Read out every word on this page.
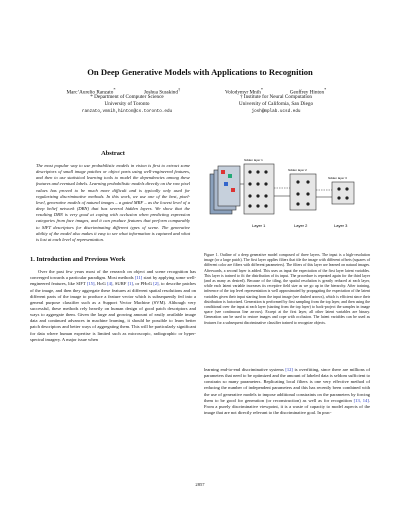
On Deep Generative Models with Applications to Recognition
Marc’Aurelio Ranzato*
Joshua Susskind†
Volodymyr Mnih*
Geoffrey Hinton*
* Department of Computer Science
University of Toronto
ranzato,vmnih,hinton@cs.toronto.edu
† Institute for Neural Computation
University of California, San Diego
josh@mplab.ucsd.edu
Abstract

The most popular way to use probabilistic models in vision is first to extract some descriptors of small image patches or object parts using well-engineered features, and then to use statistical learning tools to model the dependencies among these features and eventual labels. Learning probabilistic models directly on the raw pixel values has proved to be much more difficult and is typically only used for regularizing discriminative methods. In this work, we use one of the best, pixel-level, generative models of natural images – a gated MRF – as the lowest level of a deep belief network (DBN) that has several hidden layers. We show that the resulting DBN is very good at coping with occlusion when predicting expression categories from face images, and it can produce features that perform comparably to SIFT descriptors for discriminating different types of scene. The generative ability of the model also makes it easy to see what information is captured and what is lost at each level of representation.

1. Introduction and Previous Work

Over the past few years most of the research on object and scene recognition has converged towards a particular paradigm. Most methods [11] start by applying some well-engineered features, like SIFT [15], HoG [4], SURF [1], or PHoG [2], to describe patches of the image, and then they aggregate these features at different spatial resolutions and on different parts of the image to produce a feature vector which is subsequently fed into a general purpose classifier such as a Support Vector Machine (SVM). Although very successful, these methods rely heavily on human design of good patch descriptors and ways to aggregate them. Given the large and growing amount of easily available image data and continued advances in machine learning, it should be possible to learn better patch descriptors and better ways of aggregating them. This will be particularly significant for data where human expertise is limited such as microscopic, radiographic or hyper-spectral imagery. A major issue when

Layer 1
hidden layer 1
Layer 2
hidden layer 2
Layer 3
hidden layer 3

Figure 1. Outline of a deep generative model composed of three layers. The input is a high-resolution image (or a large patch). The first layer applies filters that tile the image with different offsets (squares of different color are filters with different parameters). The filters of this layer are learned on natural images. Afterwards, a second layer is added. This uses as input the expectation of the first layer latent variables. This layer is trained to fit the distribution of its input. The procedure is repeated again for the third layer (and as many as desired). Because of the tiling, the spatial resolution is greatly reduced at each layer, while each latent variable increases its receptive field size as we go up in the hierarchy. After training, inference of the top level representation is well approximated by propagating the expectation of the latent variables given their input starting from the input image (see dashed arrows), which is efficient since their distribution is factorized. Generation is performed by first sampling from the top layer, and then using the conditional over the input at each layer (starting from the top layer) to back-project the samples in image space (see continuous line arrows). Except at the first layer, all other latent variables are binary. Generation can be used to restore images and cope with occlusion. The latent variables can be used as features for a subsequent discriminative classifier trained to recognize objects.

learning end-to-end discriminative systems [12] is overfitting, since there are millions of parameters that need to be optimized and the amount of labeled data is seldom sufficient to constrain so many parameters. Replicating local filters is one very effective method of reducing the number of independent parameters and this has recently been combined with the use of generative models to impose additional constraints on the parameters by forcing them to be good for generation (or reconstruction) as well as for recognition [13, 14]. From a purely discriminative viewpoint, it is a waste of capacity to model aspects of the image that are not directly relevant to the discriminative goal. In prac-

2857
